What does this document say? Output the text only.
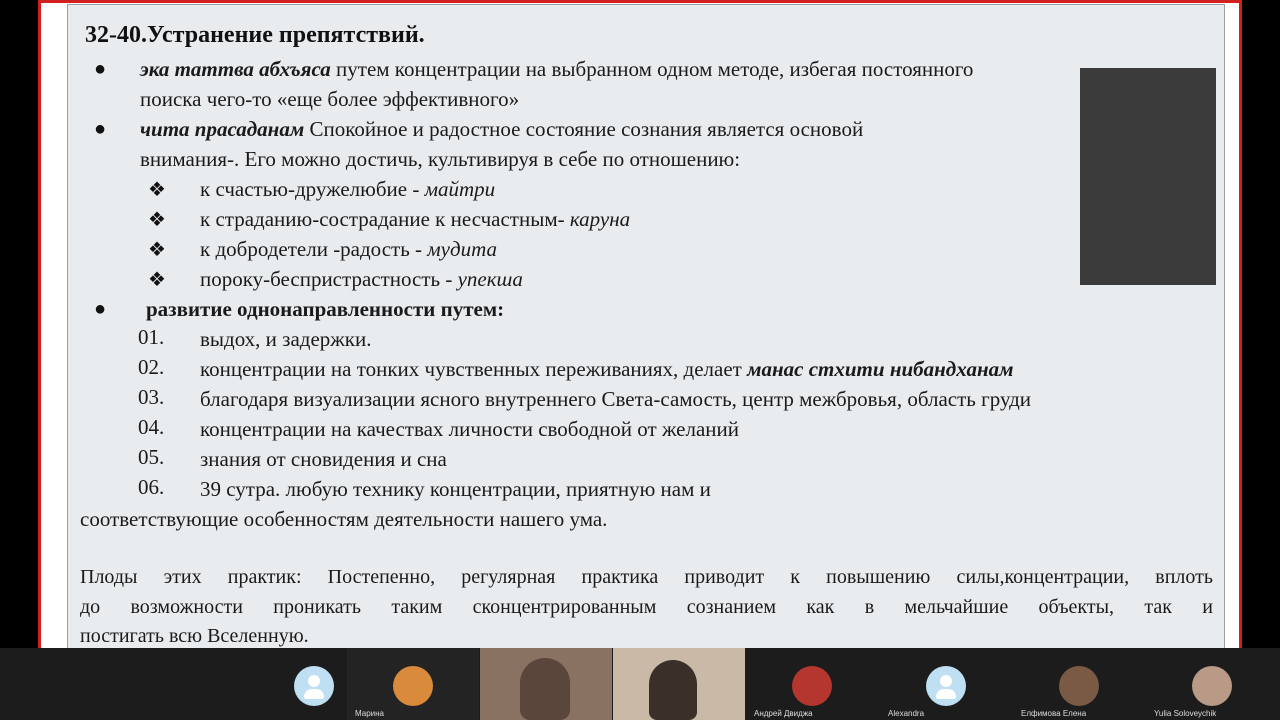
32-40.Устранение препятствий.
● эка таттва абхъяса путем концентрации на выбранном одном методе, избегая постоянного
поиска чего-то «еще более эффективного»
● чита прасаданам Спокойное и радостное состояние сознания является основой
внимания-. Его можно достичь, культивируя в себе по отношению:
❖ к счастью-дружелюбие - майтри
❖ к страданию-сострадание к несчастным- каруна
❖ к добродетели -радость - мудита
❖ пороку-беспристрастность - упекша
● развитие однонаправленности путем:
01. выдох, и задержки.
02. концентрации на тонких чувственных переживаниях, делает манас стхити нибандханам
03. благодаря визуализации ясного внутреннего Света-самость, центр межбровья, область груди
04. концентрации на качествах личности свободной от желаний
05. знания от сновидения и сна
06. 39 сутра. любую технику концентрации, приятную нам и
соответствующие особенностям деятельности нашего ума.
Плоды этих практик: Постепенно, регулярная практика приводит к повышению силы,концентрации, вплоть
до возможности проникать таким сконцентрированным сознанием как в мельчайшие объекты, так и
постигать всю Вселенную.
Марина	Андрей Двиджа	Alexandra	Елфимова Елена	Yulia Soloveychik
